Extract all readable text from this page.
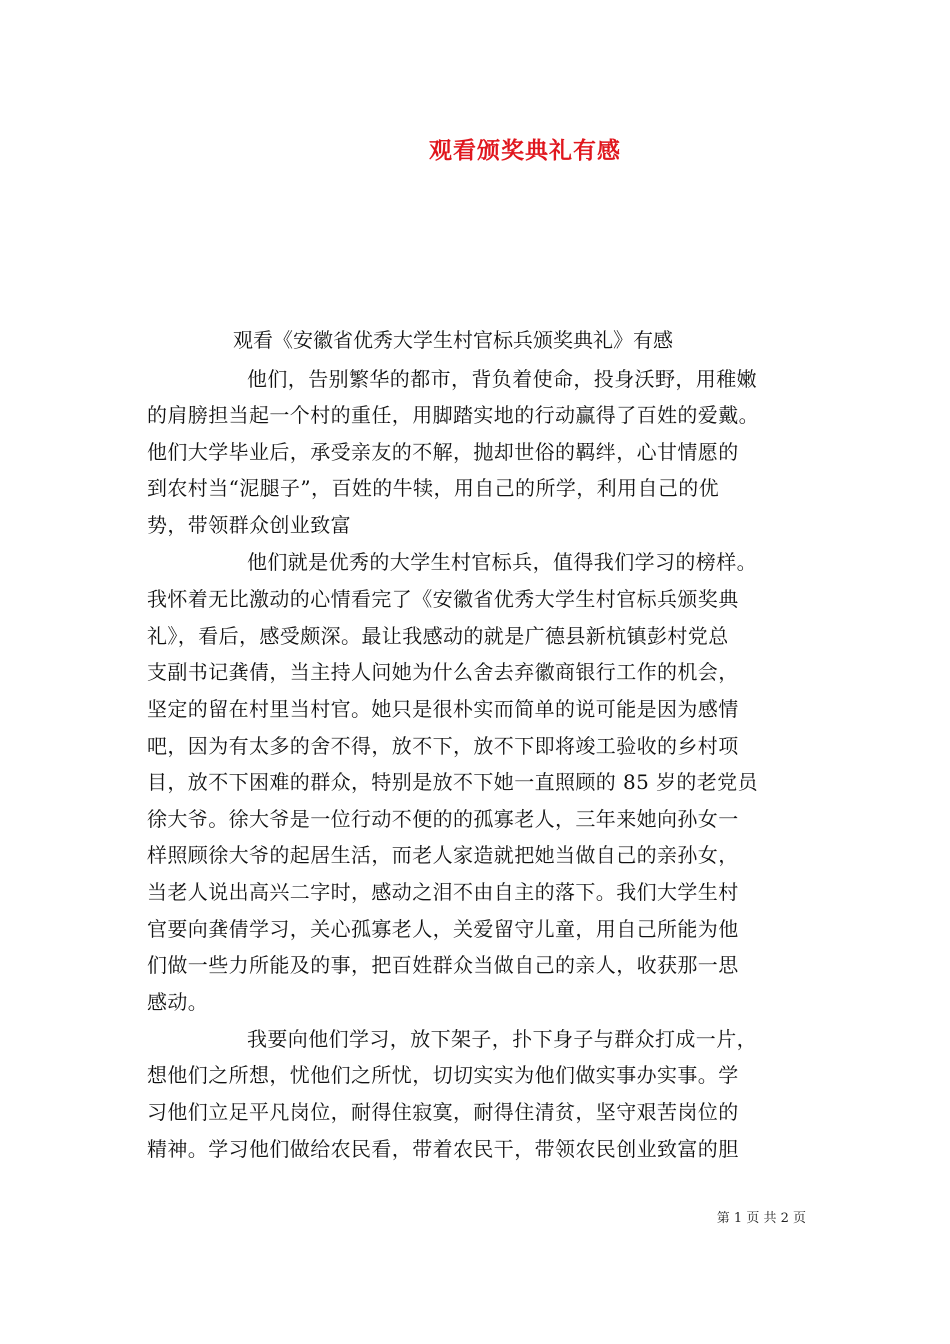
观看颁奖典礼有感
观看《安徽省优秀大学生村官标兵颁奖典礼》有感
他们，告别繁华的都市，背负着使命，投身沃野，用稚嫩
的肩膀担当起一个村的重任，用脚踏实地的行动赢得了百姓的爱戴。
他们大学毕业后，承受亲友的不解，抛却世俗的羁绊，心甘情愿的
到农村当“泥腿子”，百姓的牛犊，用自己的所学，利用自己的优
势，带领群众创业致富
他们就是优秀的大学生村官标兵，值得我们学习的榜样。
我怀着无比激动的心情看完了《安徽省优秀大学生村官标兵颁奖典
礼》，看后，感受颇深。最让我感动的就是广德县新杭镇彭村党总
支副书记龚倩，当主持人问她为什么舍去弃徽商银行工作的机会，
坚定的留在村里当村官。她只是很朴实而简单的说可能是因为感情
吧，因为有太多的舍不得，放不下，放不下即将竣工验收的乡村项
目，放不下困难的群众，特别是放不下她一直照顾的 85 岁的老党员
徐大爷。徐大爷是一位行动不便的的孤寡老人，三年来她向孙女一
样照顾徐大爷的起居生活，而老人家造就把她当做自己的亲孙女，
当老人说出高兴二字时，感动之泪不由自主的落下。我们大学生村
官要向龚倩学习，关心孤寡老人，关爱留守儿童，用自己所能为他
们做一些力所能及的事，把百姓群众当做自己的亲人，收获那一思
感动。
我要向他们学习，放下架子，扑下身子与群众打成一片，
想他们之所想，忧他们之所忧，切切实实为他们做实事办实事。学
习他们立足平凡岗位，耐得住寂寞，耐得住清贫，坚守艰苦岗位的
精神。学习他们做给农民看，带着农民干，带领农民创业致富的胆
第 1 页 共 2 页
